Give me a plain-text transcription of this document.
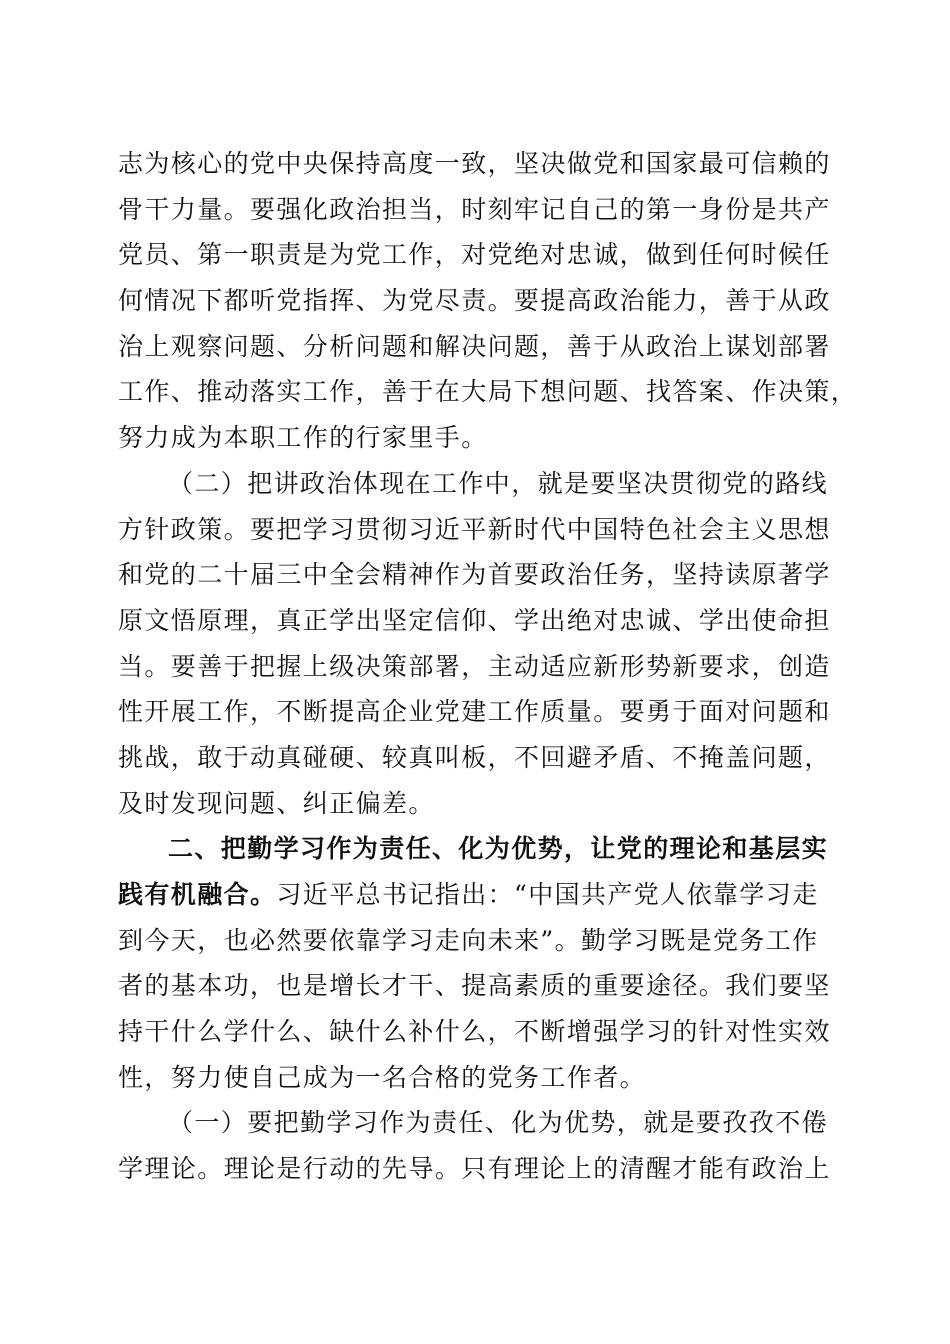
志为核心的党中央保持高度一致，坚决做党和国家最可信赖的
骨干力量。要强化政治担当，时刻牢记自己的第一身份是共产
党员、第一职责是为党工作，对党绝对忠诚，做到任何时候任
何情况下都听党指挥、为党尽责。要提高政治能力，善于从政
治上观察问题、分析问题和解决问题，善于从政治上谋划部署
工作、推动落实工作，善于在大局下想问题、找答案、作决策，
努力成为本职工作的行家里手。
（二）把讲政治体现在工作中，就是要坚决贯彻党的路线
方针政策。要把学习贯彻习近平新时代中国特色社会主义思想
和党的二十届三中全会精神作为首要政治任务，坚持读原著学
原文悟原理，真正学出坚定信仰、学出绝对忠诚、学出使命担
当。要善于把握上级决策部署，主动适应新形势新要求，创造
性开展工作，不断提高企业党建工作质量。要勇于面对问题和
挑战，敢于动真碰硬、较真叫板，不回避矛盾、不掩盖问题，
及时发现问题、纠正偏差。
二、把勤学习作为责任、化为优势，让党的理论和基层实
践有机融合。习近平总书记指出：“中国共产党人依靠学习走
到今天，也必然要依靠学习走向未来”。勤学习既是党务工作
者的基本功，也是增长才干、提高素质的重要途径。我们要坚
持干什么学什么、缺什么补什么，不断增强学习的针对性实效
性，努力使自己成为一名合格的党务工作者。
（一）要把勤学习作为责任、化为优势，就是要孜孜不倦
学理论。理论是行动的先导。只有理论上的清醒才能有政治上
